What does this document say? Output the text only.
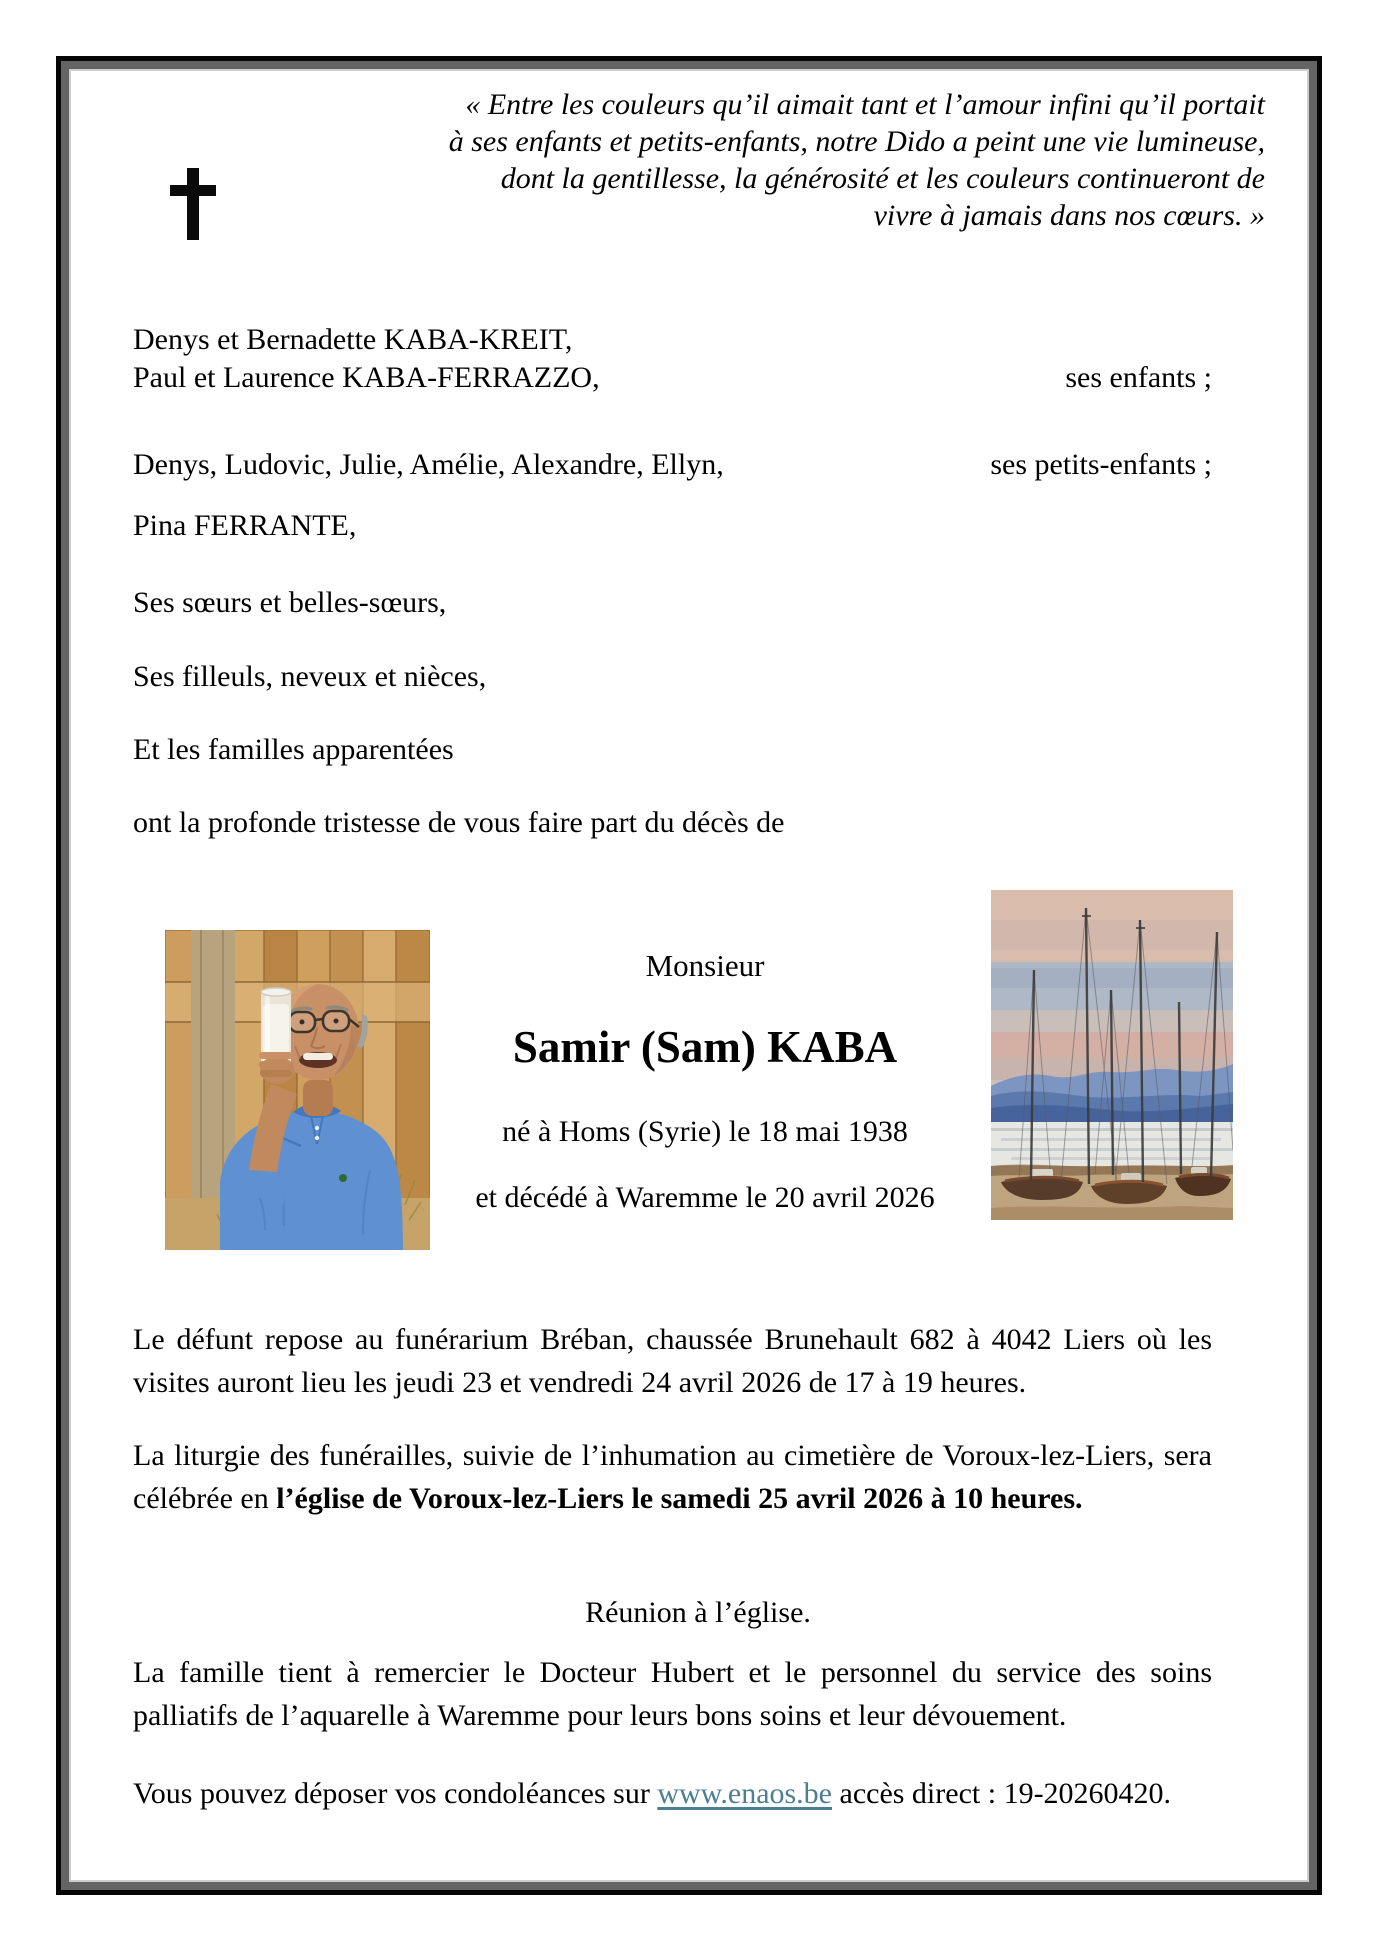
« Entre les couleurs qu’il aimait tant et l’amour infini qu’il portait
à ses enfants et petits-enfants, notre Dido a peint une vie lumineuse,
dont la gentillesse, la générosité et les couleurs continueront de
vivre à jamais dans nos cœurs. »
Denys et Bernadette KABA-KREIT,
Paul et Laurence KABA-FERRAZZO,	ses enfants ;
Denys, Ludovic, Julie, Amélie, Alexandre, Ellyn,	ses petits-enfants ;
Pina FERRANTE,
Ses sœurs et belles-sœurs,
Ses filleuls, neveux et nièces,
Et les familles apparentées
ont la profonde tristesse de vous faire part du décès de
Monsieur
Samir (Sam) KABA
né à Homs (Syrie) le 18 mai 1938
et décédé à Waremme le 20 avril 2026

Le défunt repose au funérarium Bréban, chaussée Brunehault 682 à 4042 Liers où les visites auront lieu les jeudi 23 et vendredi 24 avril 2026 de 17 à 19 heures.

La liturgie des funérailles, suivie de l’inhumation au cimetière de Voroux-lez-Liers, sera célébrée en l’église de Voroux-lez-Liers le samedi 25 avril 2026 à 10 heures.

Réunion à l’église.

La famille tient à remercier le Docteur Hubert et le personnel du service des soins palliatifs de l’aquarelle à Waremme pour leurs bons soins et leur dévouement.

Vous pouvez déposer vos condoléances sur www.enaos.be accès direct : 19-20260420.
